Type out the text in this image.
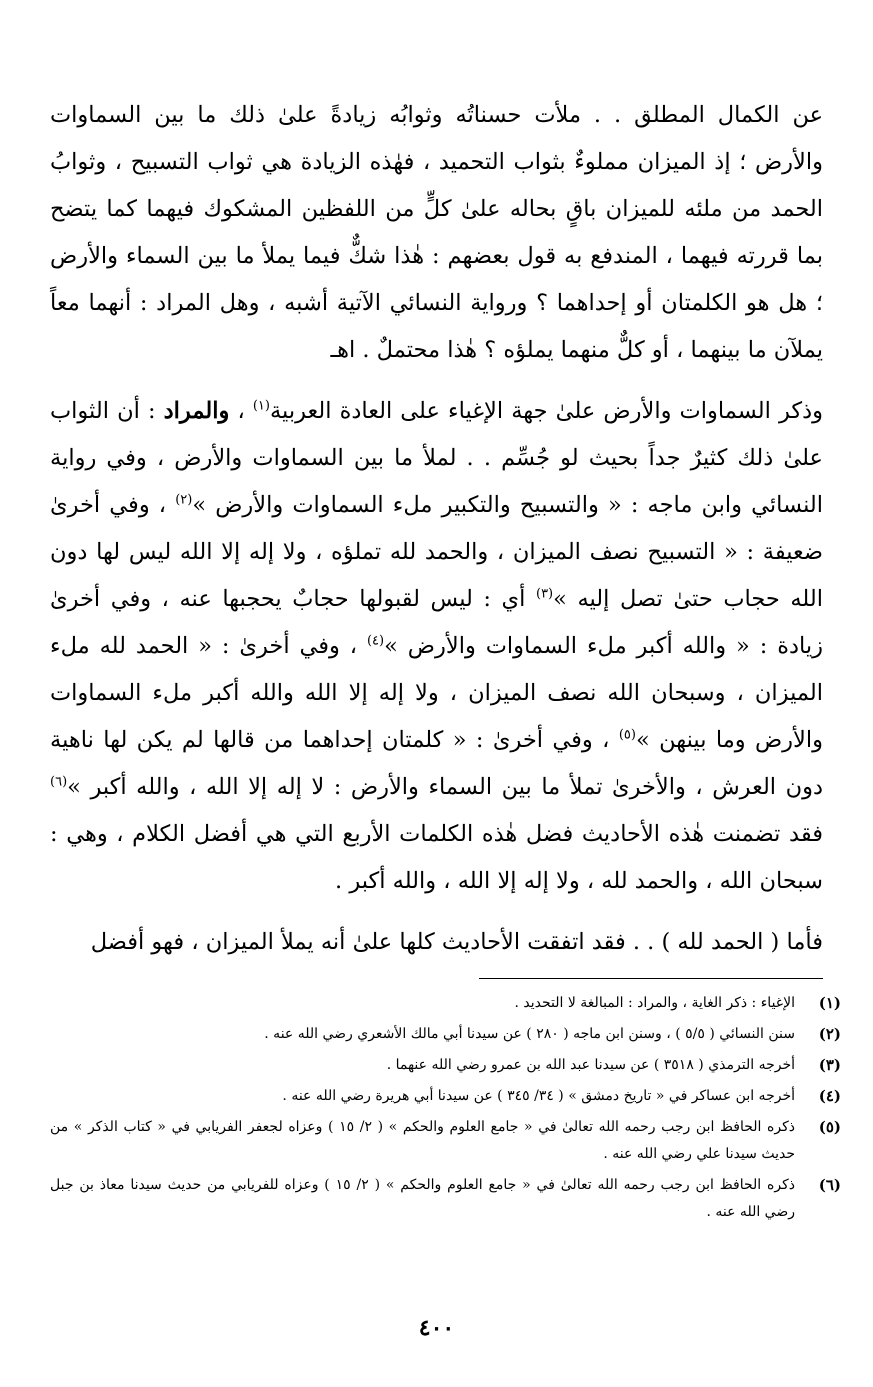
عن الكمال المطلق . . ملأت حسناتُه وثوابُه زيادةً علىٰ ذلك ما بين السماوات والأرض ؛ إذ الميزان مملوءٌ بثواب التحميد ، فهٰذه الزيادة هي ثواب التسبيح ، وثوابُ الحمد من ملئه للميزان باقٍ بحاله علىٰ كلٍّ من اللفظين المشكوك فيهما كما يتضح بما قررته فيهما ، المندفع به قول بعضهم : هٰذا شكٌّ فيما يملأ ما بين السماء والأرض ؛ هل هو الكلمتان أو إحداهما ؟ ورواية النسائي الآتية أشبه ، وهل المراد : أنهما معاً يملآن ما بينهما ، أو كلٌّ منهما يملؤه ؟ هٰذا محتملٌ . اهـ

وذكر السماوات والأرض علىٰ جهة الإغياء على العادة العربية$^{(١)}$ ، والمراد : أن الثواب علىٰ ذلك كثيرٌ جداً بحيث لو جُسِّم . . لملأ ما بين السماوات والأرض ، وفي رواية النسائي وابن ماجه : « والتسبيح والتكبير ملء السماوات والأرض »$^{(٢)}$ ، وفي أخرىٰ ضعيفة : « التسبيح نصف الميزان ، والحمد لله تملؤه ، ولا إله إلا الله ليس لها دون الله حجاب حتىٰ تصل إليه »$^{(٣)}$ أي : ليس لقبولها حجابٌ يحجبها عنه ، وفي أخرىٰ زيادة : « والله أكبر ملء السماوات والأرض »$^{(٤)}$ ، وفي أخرىٰ : « الحمد لله ملء الميزان ، وسبحان الله نصف الميزان ، ولا إله إلا الله والله أكبر ملء السماوات والأرض وما بينهن »$^{(٥)}$ ، وفي أخرىٰ : « كلمتان إحداهما من قالها لم يكن لها ناهية دون العرش ، والأخرىٰ تملأ ما بين السماء والأرض : لا إله إلا الله ، والله أكبر »$^{(٦)}$ فقد تضمنت هٰذه الأحاديث فضل هٰذه الكلمات الأربع التي هي أفضل الكلام ، وهي : سبحان الله ، والحمد لله ، ولا إله إلا الله ، والله أكبر .

فأما ( الحمد لله ) . . فقد اتفقت الأحاديث كلها علىٰ أنه يملأ الميزان ، فهو أفضل

(١)
الإغياء : ذكر الغاية ، والمراد : المبالغة لا التحديد .
(٢)
سنن النسائي ( ٥/٥ ) ، وسنن ابن ماجه ( ٢٨٠ ) عن سيدنا أبي مالك الأشعري رضي الله عنه .
(٣)
أخرجه الترمذي ( ٣٥١٨ ) عن سيدنا عبد الله بن عمرو رضي الله عنهما .
(٤)
أخرجه ابن عساكر في « تاريخ دمشق » ( ٣٤/ ٣٤٥ ) عن سيدنا أبي هريرة رضي الله عنه .
(٥)
ذكره الحافظ ابن رجب رحمه الله تعالىٰ في « جامع العلوم والحكم » ( ٢/ ١٥ ) وعزاه لجعفر الفريابي في « كتاب الذكر » من حديث سيدنا علي رضي الله عنه .
(٦)
ذكره الحافظ ابن رجب رحمه الله تعالىٰ في « جامع العلوم والحكم » ( ٢/ ١٥ ) وعزاه للفريابي من حديث سيدنا معاذ بن جبل رضي الله عنه .
٤٠٠
